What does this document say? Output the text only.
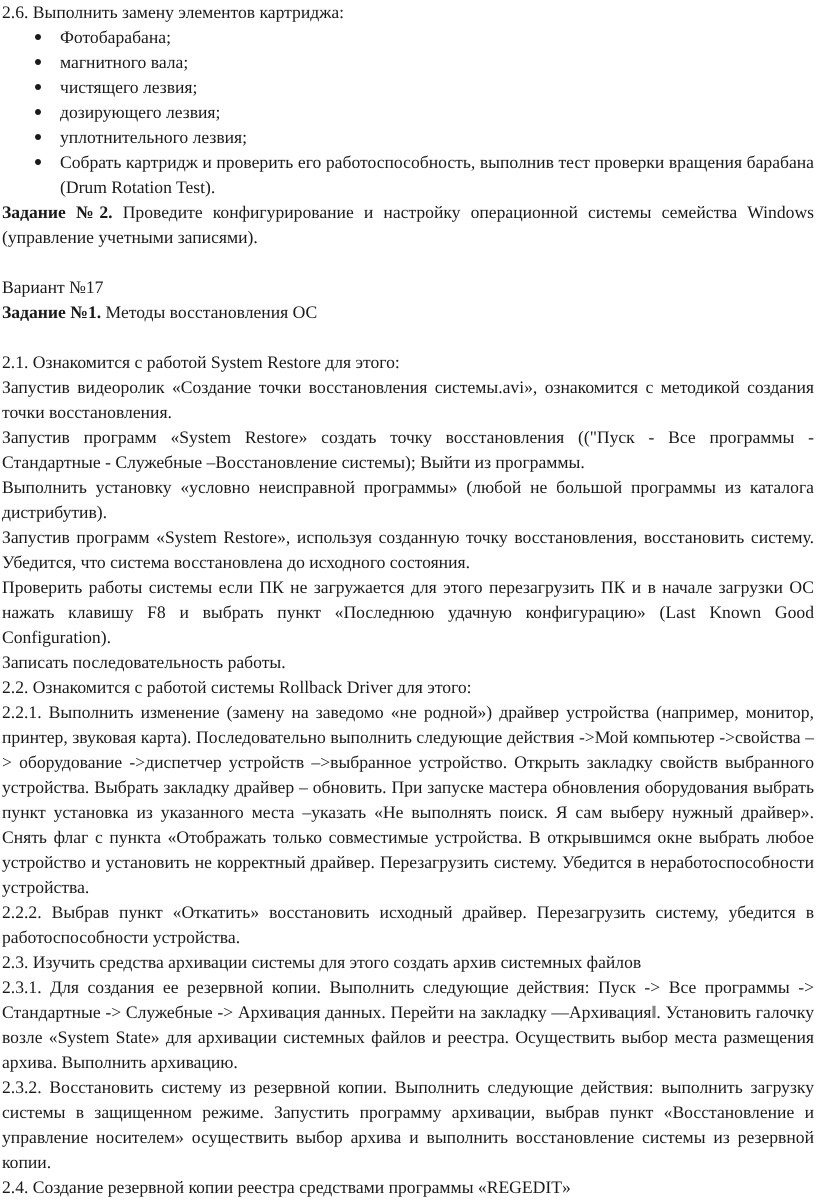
2.6. Выполнить замену элементов картриджа:

Фотобарабана;
магнитного вала;
чистящего лезвия;
дозирующего лезвия;
уплотнительного лезвия;
Собрать картридж и проверить его работоспособность, выполнив тест проверки вращения барабана (Drum Rotation Test).

Задание №2. Проведите конфигурирование и настройку операционной системы семейства Windows (управление учетными записями).

Вариант №17

Задание №1. Методы восстановления ОС

2.1. Ознакомится с работой System Restore для этого:

Запустив видеоролик «Создание точки восстановления системы.avi», ознакомится с методикой создания точки восстановления.

Запустив программ «System Restore» создать точку восстановления (("Пуск - Все программы - Стандартные - Служебные –Восстановление системы); Выйти из программы.

Выполнить установку «условно неисправной программы» (любой не большой программы из каталога дистрибутив).

Запустив программ «System Restore», используя созданную точку восстановления, восстановить систему. Убедится, что система восстановлена до исходного состояния.

Проверить работы системы если ПК не загружается для этого перезагрузить ПК и в начале загрузки ОС нажать клавишу F8 и выбрать пункт «Последнюю удачную конфигурацию» (Last Known Good Configuration).

Записать последовательность работы.

2.2. Ознакомится с работой системы Rollback Driver для этого:

2.2.1. Выполнить изменение (замену на заведомо «не родной») драйвер устройства (например, монитор, принтер, звуковая карта). Последовательно выполнить следующие действия ->Мой компьютер ->свойства –> оборудование ->диспетчер устройств –>выбранное устройство. Открыть закладку свойств выбранного устройства. Выбрать закладку драйвер – обновить. При запуске мастера обновления оборудования выбрать пункт установка из указанного места –указать «Не выполнять поиск. Я сам выберу нужный драйвер». Снять флаг с пункта «Отображать только совместимые устройства. В открывшимся окне выбрать любое устройство и установить не корректный драйвер. Перезагрузить систему. Убедится в неработоспособности устройства.

2.2.2. Выбрав пункт «Откатить» восстановить исходный драйвер. Перезагрузить систему, убедится в работоспособности устройства.

2.3. Изучить средства архивации системы для этого создать архив системных файлов

2.3.1. Для создания ее резервной копии. Выполнить следующие действия: Пуск -> Все программы -> Стандартные -> Служебные -> Архивация данных. Перейти на закладку ―Архивация‖. Установить галочку возле «System State» для архивации системных файлов и реестра. Осуществить выбор места размещения архива. Выполнить архивацию.

2.3.2. Восстановить систему из резервной копии. Выполнить следующие действия: выполнить загрузку системы в защищенном режиме. Запустить программу архивации, выбрав пункт «Восстановление и управление носителем» осуществить выбор архива и выполнить восстановление системы из резервной копии.

2.4. Создание резервной копии реестра средствами программы «REGEDIT»
